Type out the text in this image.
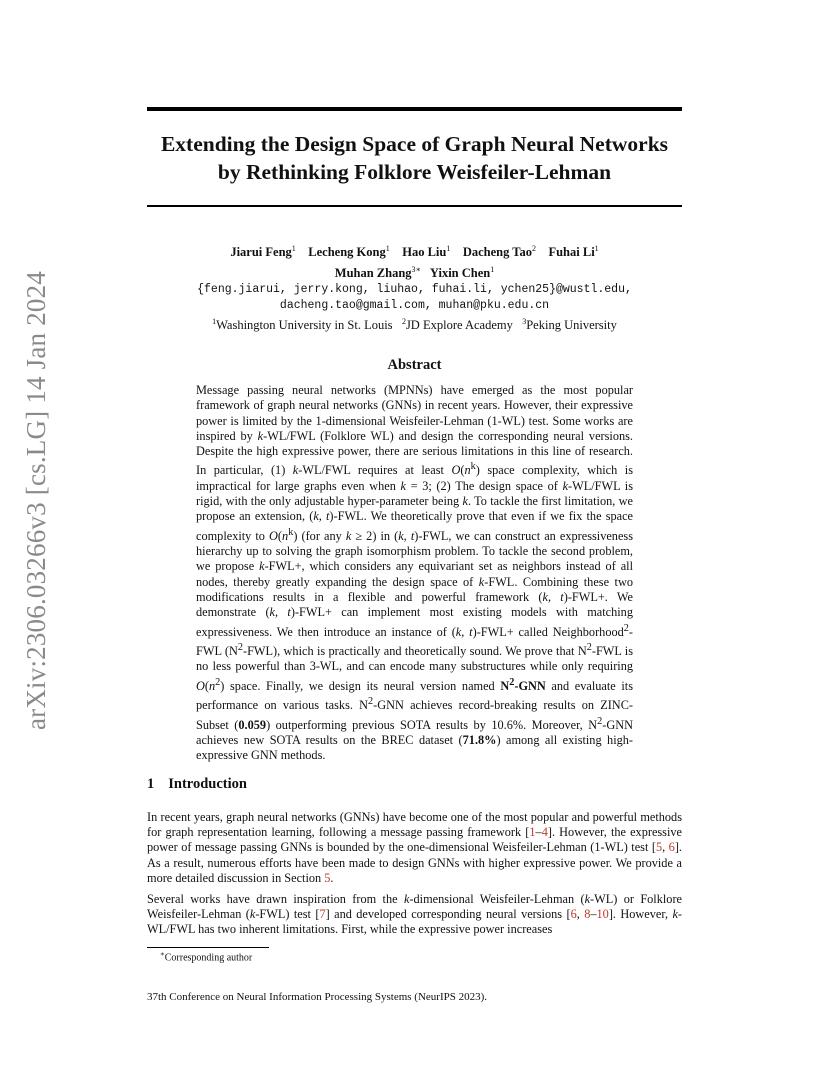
arXiv:2306.03266v3 [cs.LG] 14 Jan 2024
Extending the Design Space of Graph Neural Networks by Rethinking Folklore Weisfeiler-Lehman
Jiarui Feng$^1$ Lecheng Kong$^1$ Hao Liu$^1$ Dacheng Tao$^2$ Fuhai Li$^1$
Muhan Zhang$^{3∗}$ Yixin Chen$^1$
{feng.jiarui, jerry.kong, liuhao, fuhai.li, ychen25}@wustl.edu,
dacheng.tao@gmail.com, muhan@pku.edu.cn
$^1$Washington University in St. Louis $^2$JD Explore Academy $^3$Peking University
Abstract

Message passing neural networks (MPNNs) have emerged as the most popular framework of graph neural networks (GNNs) in recent years. However, their expressive power is limited by the 1-dimensional Weisfeiler-Lehman (1-WL) test. Some works are inspired by k-WL/FWL (Folklore WL) and design the corresponding neural versions. Despite the high expressive power, there are serious limitations in this line of research. In particular, (1) k-WL/FWL requires at least $O(n^k)$ space complexity, which is impractical for large graphs even when k = 3; (2) The design space of k-WL/FWL is rigid, with the only adjustable hyper-parameter being k. To tackle the first limitation, we propose an extension, (k, t)-FWL. We theoretically prove that even if we fix the space complexity to $O(n^k)$ (for any k ≥ 2) in (k, t)-FWL, we can construct an expressiveness hierarchy up to solving the graph isomorphism problem. To tackle the second problem, we propose k-FWL+, which considers any equivariant set as neighbors instead of all nodes, thereby greatly expanding the design space of k-FWL. Combining these two modifications results in a flexible and powerful framework (k, t)-FWL+. We demonstrate (k, t)-FWL+ can implement most existing models with matching expressiveness. We then introduce an instance of (k, t)-FWL+ called Neighborhood$^2$-FWL $(N^2-FWL)$, which is practically and theoretically sound. We prove that $N^2$-FWL is no less powerful than 3-WL, and can encode many substructures while only requiring $O(n^2)$ space. Finally, we design its neural version named $N^2$-GNN and evaluate its performance on various tasks. $N^2$-GNN achieves record-breaking results on ZINC-Subset (0.059) outperforming previous SOTA results by 10.6%. Moreover, $N^2$-GNN achieves new SOTA results on the BREC dataset (71.8%) among all existing high-expressive GNN methods.

1 Introduction

In recent years, graph neural networks (GNNs) have become one of the most popular and powerful methods for graph representation learning, following a message passing framework [1–4]. However, the expressive power of message passing GNNs is bounded by the one-dimensional Weisfeiler-Lehman (1-WL) test [5, 6]. As a result, numerous efforts have been made to design GNNs with higher expressive power. We provide a more detailed discussion in Section 5.

Several works have drawn inspiration from the k-dimensional Weisfeiler-Lehman (k-WL) or Folklore Weisfeiler-Lehman (k-FWL) test [7] and developed corresponding neural versions [6, 8–10]. However, k-WL/FWL has two inherent limitations. First, while the expressive power increases

∗Corresponding author
37th Conference on Neural Information Processing Systems (NeurIPS 2023).
